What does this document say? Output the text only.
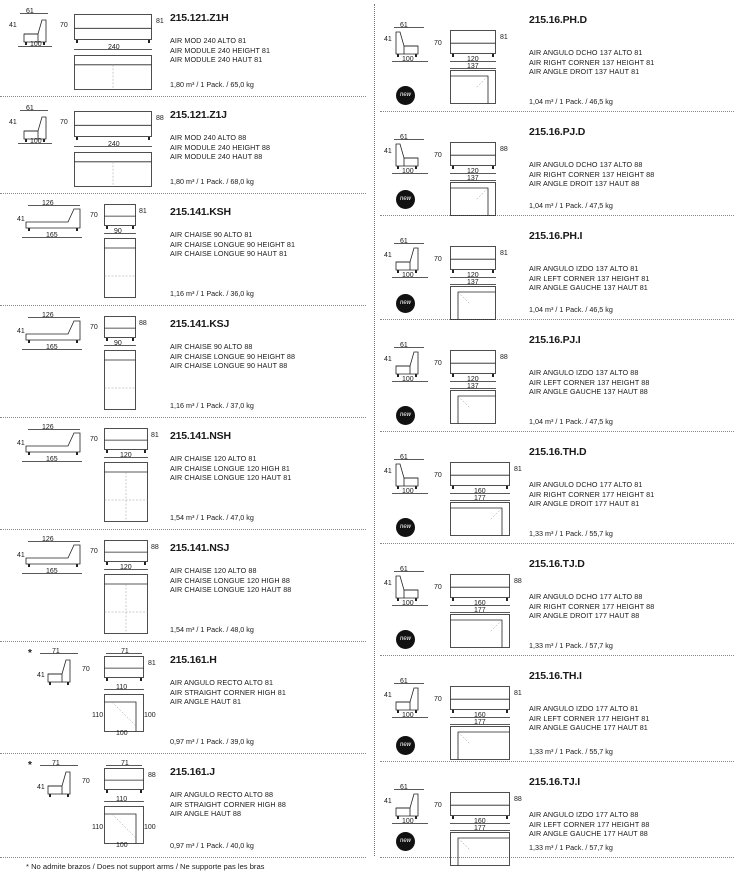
215.121.Z1H
AIR MOD 240 ALTO 81
AIR MODULE 240 HEIGHT 81
AIR MODULE 240 HAUT 81
1,80 m³ / 1 Pack. / 65,0 kg
61
41
100
70
81
240
215.121.Z1J
AIR MOD 240 ALTO 88
AIR MODULE 240 HEIGHT 88
AIR MODULE 240 HAUT 88
1,80 m³ / 1 Pack. / 68,0 kg
61
41
100
70
88
240
215.141.KSH
AIR CHAISE 90 ALTO 81
AIR CHAISE LONGUE 90 HEIGHT 81
AIR CHAISE LONGUE 90 HAUT 81
1,16 m³ / 1 Pack. / 36,0 kg
126
41
165
70
81
90
215.141.KSJ
AIR CHAISE 90 ALTO 88
AIR CHAISE LONGUE 90 HEIGHT 88
AIR CHAISE LONGUE 90 HAUT 88
1,16 m³ / 1 Pack. / 37,0 kg
126
41
165
70
88
90
215.141.NSH
AIR CHAISE 120 ALTO 81
AIR CHAISE LONGUE 120 HIGH 81
AIR CHAISE LONGUE 120 HAUT 81
1,54 m³ / 1 Pack. / 47,0 kg
126
41
165
70
81
120
215.141.NSJ
AIR CHAISE 120 ALTO 88
AIR CHAISE LONGUE 120 HIGH 88
AIR CHAISE LONGUE 120 HAUT 88
1,54 m³ / 1 Pack. / 48,0 kg
126
41
165
70
88
120
215.161.H
AIR ANGULO RECTO ALTO 81
AIR STRAIGHT CORNER HIGH 81
AIR ANGLE HAUT 81
0,97 m³ / 1 Pack. / 39,0 kg
*	71
41
70
71
81
110
110	100
100
215.161.J
AIR ANGULO RECTO ALTO 88
AIR STRAIGHT CORNER HIGH 88
AIR ANGLE HAUT 88
0,97 m³ / 1 Pack. / 40,0 kg
*	71
41
70
71
88
110
110	100
100
215.16.PH.D
AIR ANGULO DCHO 137 ALTO 81
AIR RIGHT CORNER 137 HEIGHT 81
AIR ANGLE DROIT 137 HAUT 81
1,04 m³ / 1 Pack. / 46,5 kg
61
41
100
70
81
120
137
new
215.16.PJ.D
AIR ANGULO DCHO 137 ALTO 88
AIR RIGHT CORNER 137 HEIGHT 88
AIR ANGLE DROIT 137 HAUT 88
1,04 m³ / 1 Pack. / 47,5 kg
61
41
100
70
88
120
137
new
215.16.PH.I
AIR ANGULO IZDO 137 ALTO 81
AIR LEFT CORNER 137 HEIGHT 81
AIR ANGLE GAUCHE 137 HAUT 81
1,04 m³ / 1 Pack. / 46,5 kg
61
41
100
70
81
120
137
new
215.16.PJ.I
AIR ANGULO IZDO 137 ALTO 88
AIR LEFT CORNER 137 HEIGHT 88
AIR ANGLE GAUCHE 137 HAUT 88
1,04 m³ / 1 Pack. / 47,5 kg
61
41
100
70
88
120
137
new
215.16.TH.D
AIR ANGULO DCHO 177 ALTO 81
AIR RIGHT CORNER 177 HEIGHT 81
AIR ANGLE DROIT 177 HAUT 81
1,33 m³ / 1 Pack. / 55,7 kg
61
41
100
70
81
160
177
new
215.16.TJ.D
AIR ANGULO DCHO 177 ALTO 88
AIR RIGHT CORNER 177 HEIGHT 88
AIR ANGLE DROIT 177 HAUT 88
1,33 m³ / 1 Pack. / 57,7 kg
61
41
100
70
88
160
177
new
215.16.TH.I
AIR ANGULO IZDO 177 ALTO 81
AIR LEFT CORNER 177 HEIGHT 81
AIR ANGLE GAUCHE 177 HAUT 81
1,33 m³ / 1 Pack. / 55,7 kg
61
41
100
70
81
160
177
new
215.16.TJ.I
AIR ANGULO IZDO 177 ALTO 88
AIR LEFT CORNER 177 HEIGHT 88
AIR ANGLE GAUCHE 177 HAUT 88
1,33 m³ / 1 Pack. / 57,7 kg
61
41
100
70
88
160
177
new
* No admite brazos / Does not support arms / Ne supporte pas les bras
